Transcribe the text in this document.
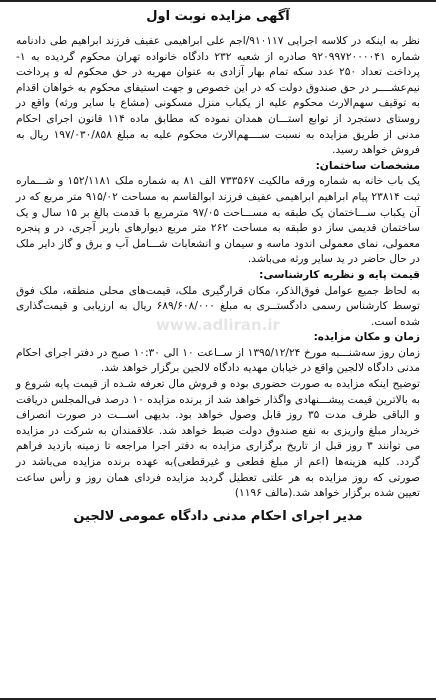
www.adliran.ir
آگهی مزایده نوبت اول

نظر به اینکه در کلاسه اجرایی ۹۱۰۱۱۷/اجم علی ابراهیمی عفیف فرزند ابراهیم طی دادنامه شماره ۹۲۰۹۹۷۲۰۰۰۰۴۱ صادره از شعبه ۲۳۲ دادگاه خانواده تهران محکوم گردیده به ۱- پرداخت تعداد ۲۵۰ عدد سکه تمام بهار آزادی به عنوان مهریه در حق محکوم له و پرداخت نیم‌عشــــر در حق صندوق دولت که در این خصوص و جهت استیفای محکوم به خواهان اقدام به توقیف سهم‌الارث محکوم علیه از یکباب منزل مسکونی (مشاع با سایر ورثه) واقع در روستای دستجرد از توابع استـــان همدان نموده که مطابق ماده ۱۱۴ قانون اجرای احکام مدنی از طریق مزایده به نسبت ســــهم‌الارث محکوم علیه به مبلغ ۱۹۷/۰۳۰/۸۵۸ ریال به فروش خواهد رسید.

مشخصات ساختمان:

یک باب خانه به شماره ورقه مالکیت ۷۳۳۵۶۷ الف ۸۱ به شماره ملک ۱۵۲/۱۱۸۱ و شـــماره ثبت ۲۳۸۱۴ پیام ابراهیم ابراهیمی عفیف فرزند ابوالقاسم به مساحت ۹۱۵/۰۲ متر مربع که در آن یکباب ســـاختمان یک طبقه به مســـاحت ۹۷/۰۵ مترمربع با قدمت بالغ بر ۱۵ سال و یک ساختمان قدیمی ساز دو طبقه به مساحت ۲۶۲ متر مربع دیوارهای باربر آجری، در و پنجره معمولی، نمای معمولی اندود ماسه و سیمان و انشعابات شـــامل آب و برق و گاز دایر ملک در حال حاضر در ید سایر ورثه می‌باشد.

قیمت پایه و نظریه کارشناسی:

به لحاظ جمیع عوامل فوق‌الذکر، مکان قرارگیری ملک، قیمت‌های محلی منطقه، ملک فوق توسط کارشناس رسمی دادگستــری به مبلغ ۶۸۹/۶۰۸/۰۰۰ ریال به ارزیابی و قیمت‌گذاری شده است.

زمان و مکان مزایده:

زمان روز سه‌شنـــبه مورخ ۱۳۹۵/۱۲/۲۴ از ســاعت ۱۰ الی ۱۰:۳۰ صبح در دفتر اجرای احکام مدنی دادگاه لالجین واقع در خیابان مهدیه دادگاه لالجین برگزار خواهد شد.

توضیح اینکه مزایده به صورت حضوری بوده و فروش مال تعرفه شـده از قیمت پایه شروع و به بالاترین قیمت پیشـــنهادی واگذار خواهد شد از برنده مزایده ۱۰ درصد فی‌المجلس دریافت و الباقی ظرف مدت ۳۵ روز قابل وصول خواهد بود. بدیهی اســـت در صورت انصراف خریدار مبلغ واریزی به نفع صندوق دولت ضبط خواهد شد. علاقمندان به شرکت در مزایده می توانند ۳ روز قبل از تاریخ برگزاری مزایده به دفتر اجرا مراجعه تا زمینه بازدید فراهم گردد. کلیه هزینه‌ها (اعم از مبلغ قطعی و غیرقطعی)به عهده برنده مزایده می‌باشد در صورتی که روز مزایده به هر علتی تعطیل گردید مزایده فردای همان روز و رأس ساعت تعیین شده برگزار خواهد شد.(مالف ۱۱۹۶)

مدیر اجرای احکام مدنی دادگاه عمومی لالجین
